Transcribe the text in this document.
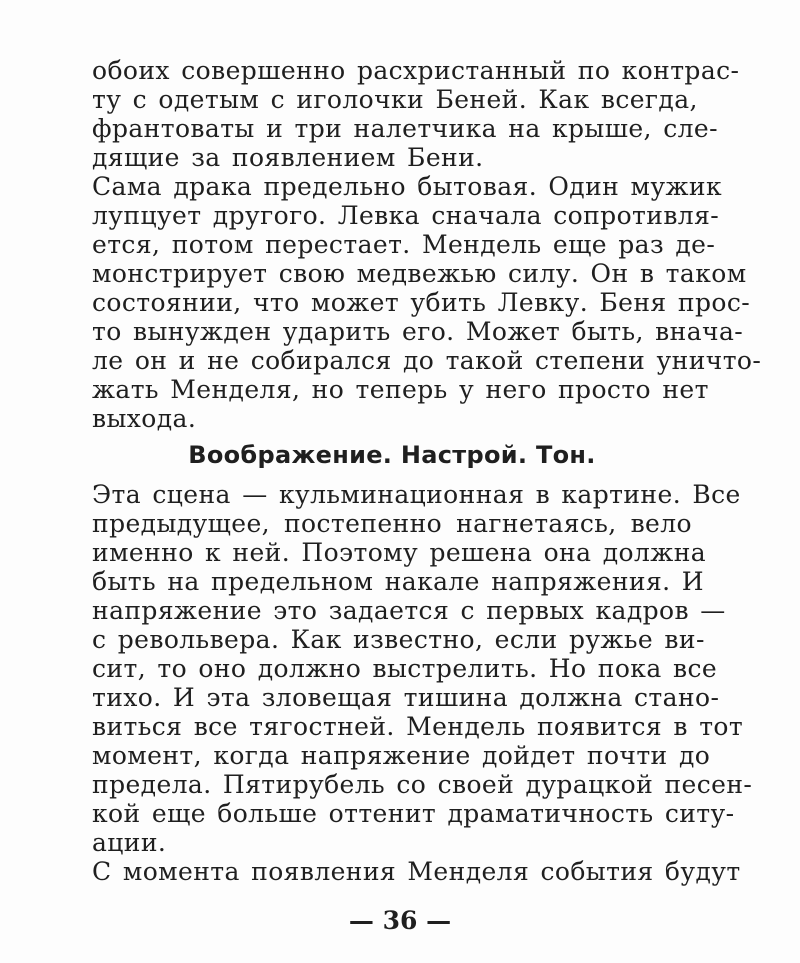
обоих совершенно расхристанный по контрас-
ту с одетым с иголочки Беней. Как всегда,
франтоваты и три налетчика на крыше, сле-
дящие за появлением Бени.
Сама драка предельно бытовая. Один мужик
лупцует другого. Левка сначала сопротивля-
ется, потом перестает. Мендель еще раз де-
монстрирует свою медвежью силу. Он в таком
состоянии, что может убить Левку. Беня прос-
то вынужден ударить его. Может быть, внача-
ле он и не собирался до такой степени уничто-
жать Менделя, но теперь у него просто нет
выхода.
Воображение. Настрой. Тон.
Эта сцена — кульминационная в картине. Все
предыдущее, постепенно нагнетаясь, вело
именно к ней. Поэтому решена она должна
быть на предельном накале напряжения. И
напряжение это задается с первых кадров —
с револьвера. Как известно, если ружье ви-
сит, то оно должно выстрелить. Но пока все
тихо. И эта зловещая тишина должна стано-
виться все тягостней. Мендель появится в тот
момент, когда напряжение дойдет почти до
предела. Пятирубель со своей дурацкой песен-
кой еще больше оттенит драматичность ситу-
ации.
С момента появления Менделя события будут
— 36 —
